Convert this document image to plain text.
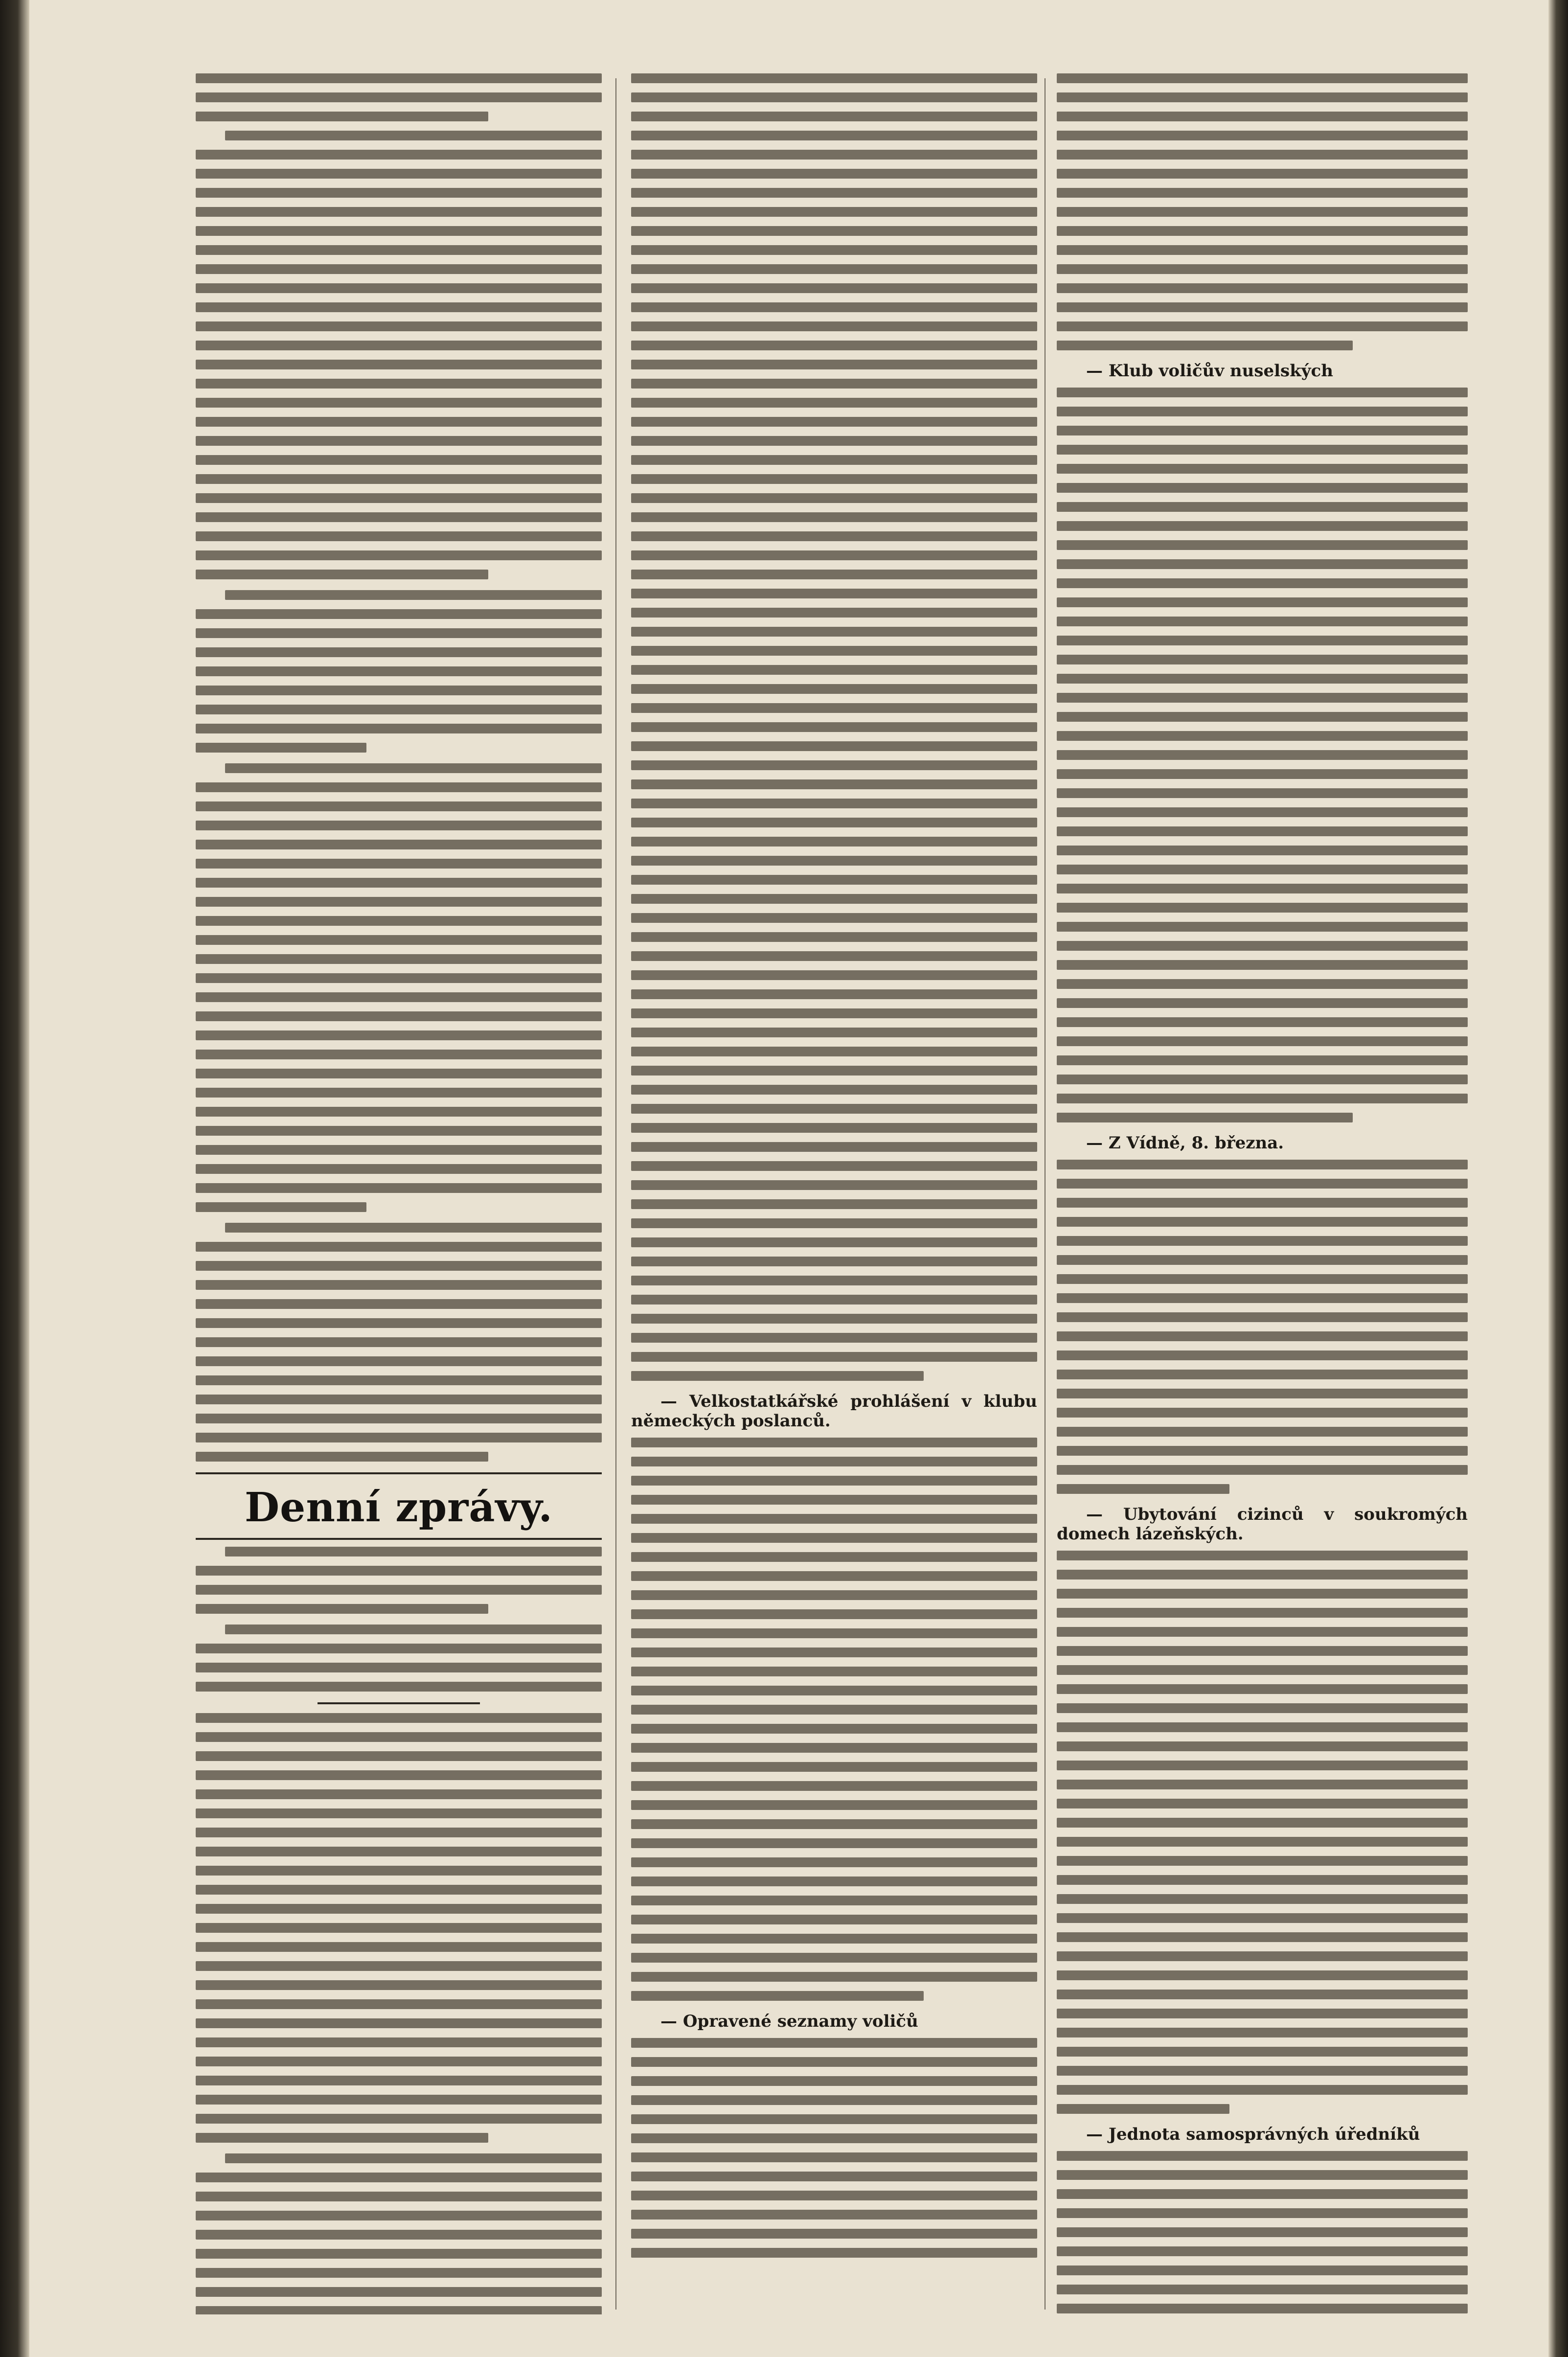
Denní zprávy.
— Velkostatkářské prohlášení v klubu německých poslanců.
— Opravené seznamy voličů
— Klub voličův nuselských
— Z Vídně, 8. března.
— Ubytování cizinců v soukromých domech lázeňských.
— Jednota samosprávných úředníků
